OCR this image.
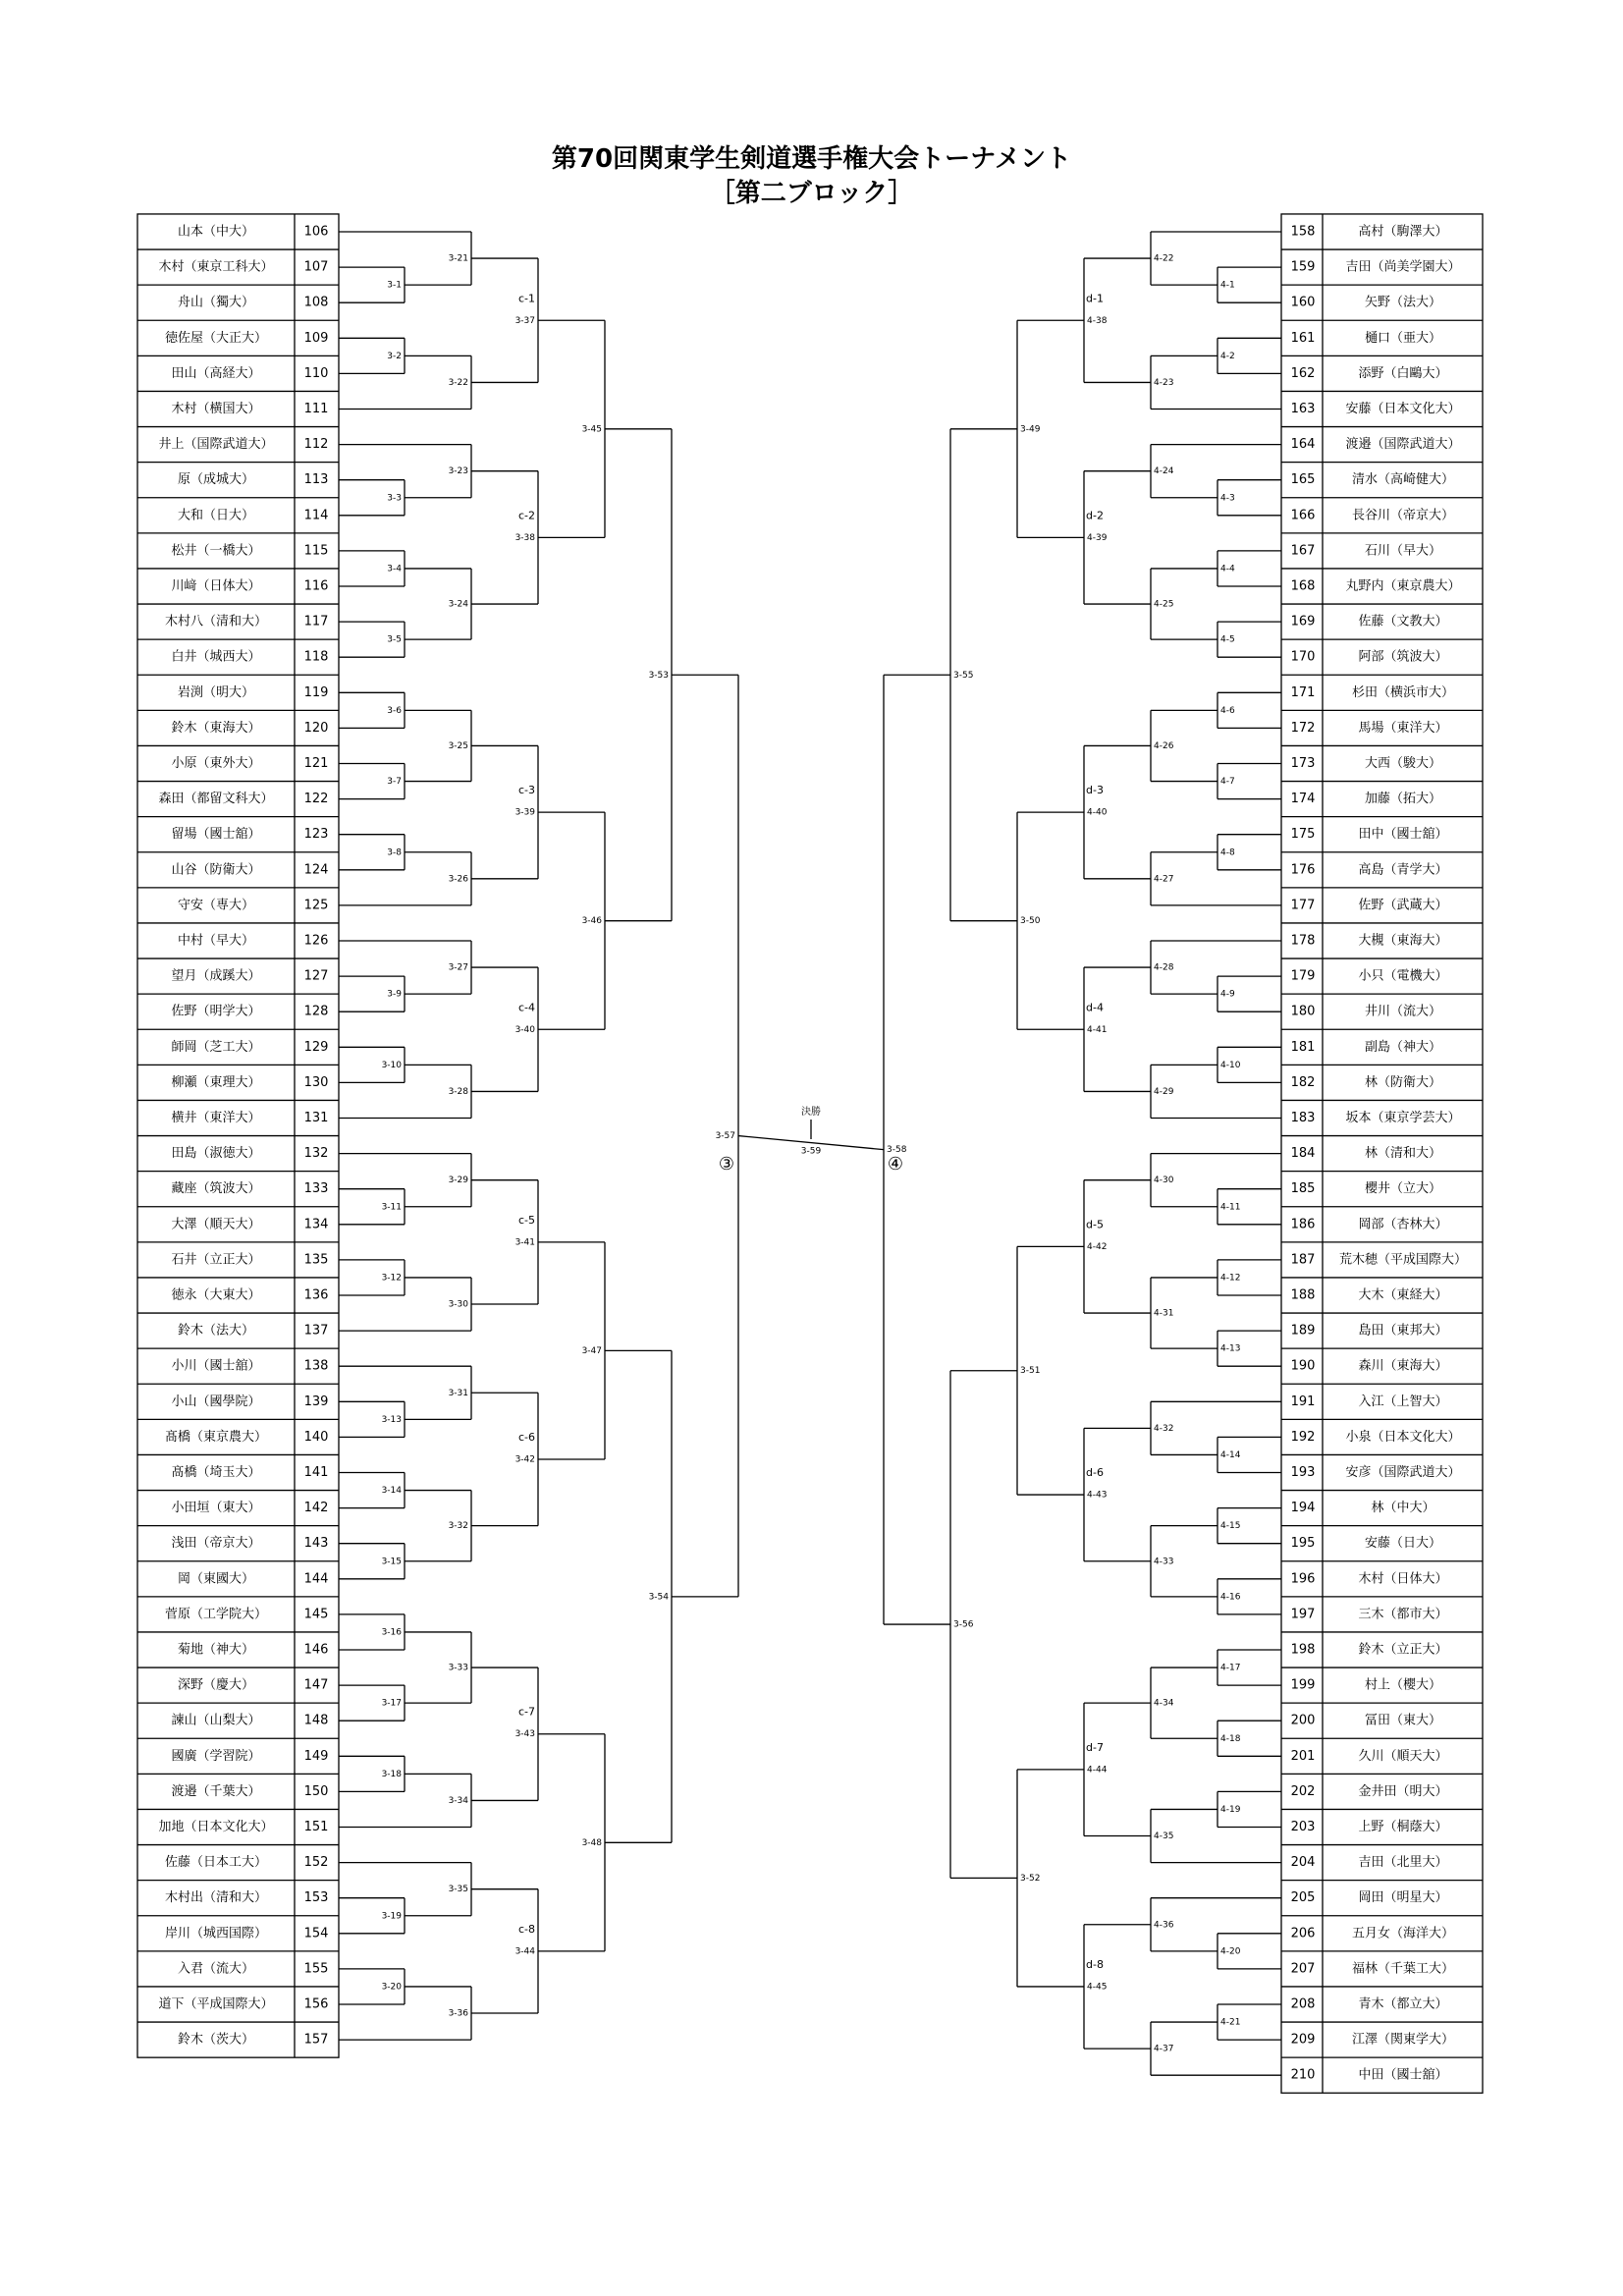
第70回関東学生剣道選手権大会トーナメント
［第二ブロック］
山本（中大）	106
木村（東京工科大） 107
舟山（獨大）	108
徳佐屋（大正大）	109
田山（高経大）	110
木村（横国大）	111
井上（国際武道大） 112
原（成城大）	113
大和（日大）	114
松井（一橋大）	115
川﨑（日体大）	116
木村八（清和大）	117
白井（城西大）	118
岩渕（明大）	119
鈴木（東海大）	120
小原（東外大）	121
森田（都留文科大） 122
留場（國士舘）	123
山谷（防衛大）	124
守安（専大）	125
中村（早大）	126
望月（成蹊大）	127
佐野（明学大）	128
師岡（芝工大）	129
柳瀬（東理大）	130
横井（東洋大）	131
田島（淑徳大）	132
藏座（筑波大）	133
大澤（順天大）	134
石井（立正大）	135
徳永（大東大）	136
鈴木（法大）	137
小川（國士舘）	138
小山（國學院）	139
髙橋（東京農大）	140
髙橋（埼玉大）	141
小田垣（東大）	142
浅田（帝京大）	143
岡（東國大）	144
菅原（工学院大）	145
菊地（神大）	146
深野（慶大）	147
諫山（山梨大）	148
國廣（学習院）	149
渡邉（千葉大）	150
加地（日本文化大） 151
佐藤（日本工大）	152
木村出（清和大）	153
岸川（城西国際）	154
入君（流大）	155
道下（平成国際大） 156
鈴木（茨大）	157
158	高村（駒澤大）
159 吉田（尚美学園大）
160	矢野（法大）
161	樋口（亜大）
162	添野（白鷗大）
163 安藤（日本文化大）
164 渡邉（国際武道大）
165	清水（高崎健大）
166	長谷川（帝京大）
167	石川（早大）
168 丸野内（東京農大）
169	佐藤（文教大）
170	阿部（筑波大）
171	杉田（横浜市大）
172	馬場（東洋大）
173	大西（駿大）
174	加藤（拓大）
175	田中（國士舘）
176	高島（青学大）
177	佐野（武蔵大）
178	大槻（東海大）
179	小只（電機大）
180	井川（流大）
181	副島（神大）
182	林（防衛大）
183 坂本（東京学芸大）
184	林（清和大）
185	櫻井（立大）
186	岡部（杏林大）
187 荒木穂（平成国際大）
188	大木（東経大）
189	島田（東邦大）
190	森川（東海大）
191	入江（上智大）
192 小泉（日本文化大）
193 安彦（国際武道大）
194	林（中大）
195	安藤（日大）
196	木村（日体大）
197	三木（都市大）
198	鈴木（立正大）
199	村上（櫻大）
200	冨田（東大）
201	久川（順天大）
202	金井田（明大）
203	上野（桐蔭大）
204	吉田（北里大）
205	岡田（明星大）
206	五月女（海洋大）
207	福林（千葉工大）
208	青木（都立大）
209	江澤（関東学大）
210	中田（國士舘）
3-1
3-21
3-2
3-22
3-37
c-1
3-3
3-23
3-4
3-5
3-24
3-38
c-2
3-45
3-6
3-7
3-25
3-8
3-26
3-39
c-3
3-9
3-27
3-10
3-28
3-40
c-4
3-46
3-53
3-11
3-29
3-12
3-30
3-41
c-5
3-13
3-31
3-14
3-15
3-32
3-42
c-6
3-47
3-16
3-17
3-33
3-18
3-34
3-43
c-7
3-19
3-35
3-20
3-36
3-44
c-8
3-48
3-54
3-57
4-1
4-22
4-2
4-23
4-38
d-1
4-3
4-24
4-4
4-5
4-25
4-39
d-2
3-49
4-6
4-7
4-26
4-8
4-27
4-40
d-3
4-9
4-28
4-10
4-29
4-41
d-4
3-50
3-55
4-11
4-30
4-12
4-13
4-31
4-42
d-5
4-14
4-32
4-15
4-16
4-33
4-43
d-6
3-51
4-17
4-18
4-34
4-19
4-35
4-44
d-7
4-20
4-36
4-21
4-37
4-45
d-8
3-52
3-56
3-58
決勝
3-59
③	④
